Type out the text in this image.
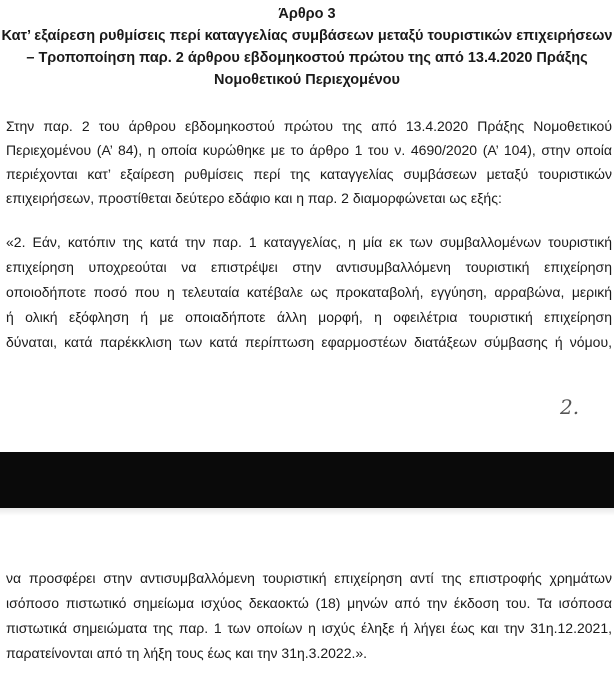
Άρθρο 3
Κατ’ εξαίρεση ρυθμίσεις περί καταγγελίας συμβάσεων μεταξύ τουριστικών επιχειρήσεων
– Τροποποίηση παρ. 2 άρθρου εβδομηκοστού πρώτου της από 13.4.2020 Πράξης
Νομοθετικού Περιεχομένου

Στην παρ. 2 του άρθρου εβδομηκοστού πρώτου της από 13.4.2020 Πράξης Νομοθετικού

Περιεχομένου (Α’ 84), η οποία κυρώθηκε με το άρθρο 1 του ν. 4690/2020 (Α’ 104), στην οποία

περιέχονται κατ’ εξαίρεση ρυθμίσεις περί της καταγγελίας συμβάσεων μεταξύ τουριστικών

επιχειρήσεων, προστίθεται δεύτερο εδάφιο και η παρ. 2 διαμορφώνεται ως εξής:

«2. Εάν, κατόπιν της κατά την παρ. 1 καταγγελίας, η μία εκ των συμβαλλομένων τουριστική

επιχείρηση υποχρεούται να επιστρέψει στην αντισυμβαλλόμενη τουριστική επιχείρηση

οποιοδήποτε ποσό που η τελευταία κατέβαλε ως προκαταβολή, εγγύηση, αρραβώνα, μερική

ή ολική εξόφληση ή με οποιαδήποτε άλλη μορφή, η οφειλέτρια τουριστική επιχείρηση

δύναται, κατά παρέκκλιση των κατά περίπτωση εφαρμοστέων διατάξεων σύμβασης ή νόμου,

2.

να προσφέρει στην αντισυμβαλλόμενη τουριστική επιχείρηση αντί της επιστροφής χρημάτων

ισόποσο πιστωτικό σημείωμα ισχύος δεκαοκτώ (18) μηνών από την έκδοση του. Τα ισόποσα

πιστωτικά σημειώματα της παρ. 1 των οποίων η ισχύς έληξε ή λήγει έως και την 31η.12.2021,

παρατείνονται από τη λήξη τους έως και την 31η.3.2022.».
